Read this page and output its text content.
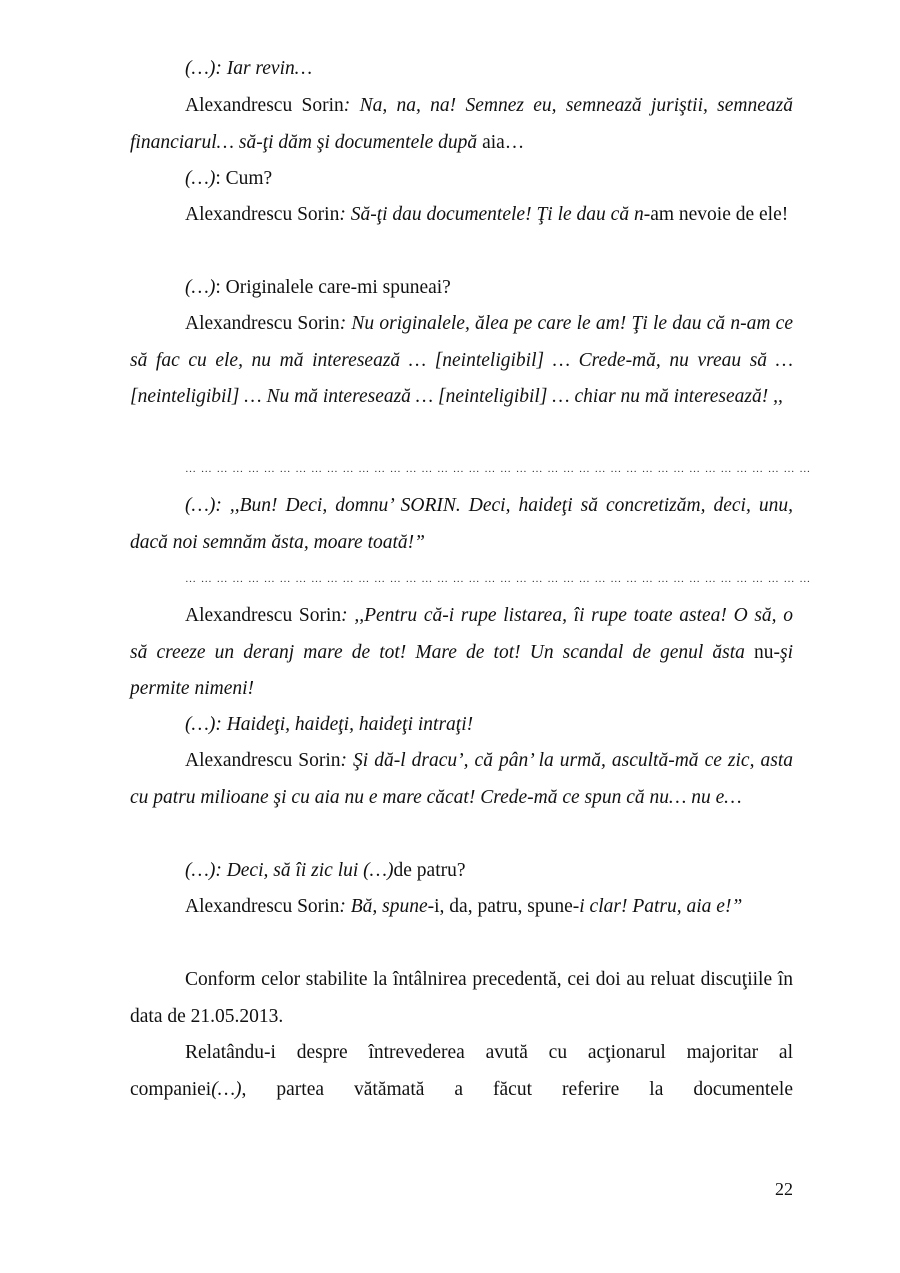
(…): Iar revin…

Alexandrescu Sorin: Na, na, na! Semnez eu, semnează juriştii, semnează financiarul… să-ţi dăm şi documentele după aia…

(…): Cum?

Alexandrescu Sorin: Să-ţi dau documentele! Ţi le dau că n-am nevoie de ele!

(…): Originalele care-mi spuneai?

Alexandrescu Sorin: Nu originalele, ălea pe care le am! Ţi le dau că n-am ce să fac cu ele, nu mă interesează … [neinteligibil] … Crede-mă, nu vreau să … [neinteligibil] … Nu mă interesează … [neinteligibil] … chiar nu mă interesează! ,,

… … … … … … … … … … … … … … … … … … … … … … … … … … … … … … … … … … … … … … … …

(…): ,,Bun! Deci, domnu’ SORIN. Deci, haideţi să concretizăm, deci, unu, dacă noi semnăm ăsta, moare toată!”

… … … … … … … … … … … … … … … … … … … … … … … … … … … … … … … … … … … … … … … …

Alexandrescu Sorin: ,,Pentru că-i rupe listarea, îi rupe toate astea! O să, o să creeze un deranj mare de tot! Mare de tot! Un scandal de genul ăsta nu-şi permite nimeni!

(…): Haideţi, haideţi, haideţi intraţi!

Alexandrescu Sorin: Şi dă-l dracu’, că pân’ la urmă, ascultă-mă ce zic, asta cu patru milioane şi cu aia nu e mare căcat! Crede-mă ce spun că nu… nu e…

(…): Deci, să îi zic lui (…)de patru?

Alexandrescu Sorin: Bă, spune-i, da, patru, spune-i clar! Patru, aia e!”

Conform celor stabilite la întâlnirea precedentă, cei doi au reluat discuţiile în data de 21.05.2013.

Relatându-i despre întrevederea avută cu acţionarul majoritar al companiei(…), partea vătămată a făcut referire la documentele

22
